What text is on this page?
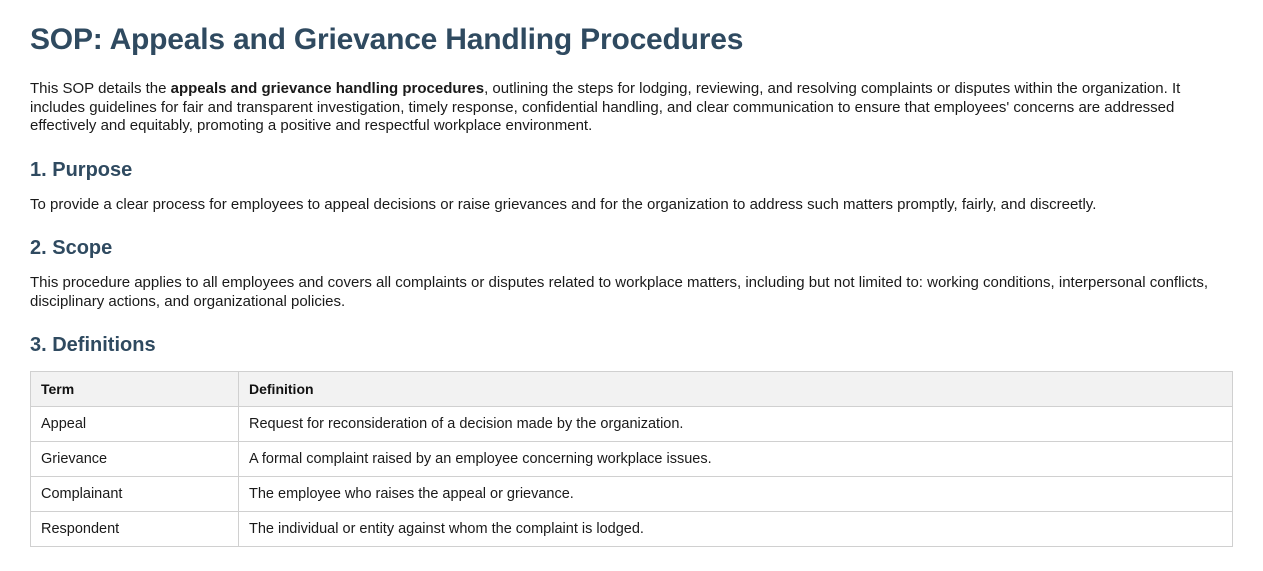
SOP: Appeals and Grievance Handling Procedures

This SOP details the appeals and grievance handling procedures, outlining the steps for lodging, reviewing, and resolving complaints or disputes within the organization. It includes guidelines for fair and transparent investigation, timely response, confidential handling, and clear communication to ensure that employees' concerns are addressed effectively and equitably, promoting a positive and respectful workplace environment.

1. Purpose

To provide a clear process for employees to appeal decisions or raise grievances and for the organization to address such matters promptly, fairly, and discreetly.

2. Scope

This procedure applies to all employees and covers all complaints or disputes related to workplace matters, including but not limited to: working conditions, interpersonal conflicts, disciplinary actions, and organizational policies.

3. Definitions
Term	Definition
Appeal	Request for reconsideration of a decision made by the organization.
Grievance	A formal complaint raised by an employee concerning workplace issues.
Complainant	The employee who raises the appeal or grievance.
Respondent	The individual or entity against whom the complaint is lodged.
